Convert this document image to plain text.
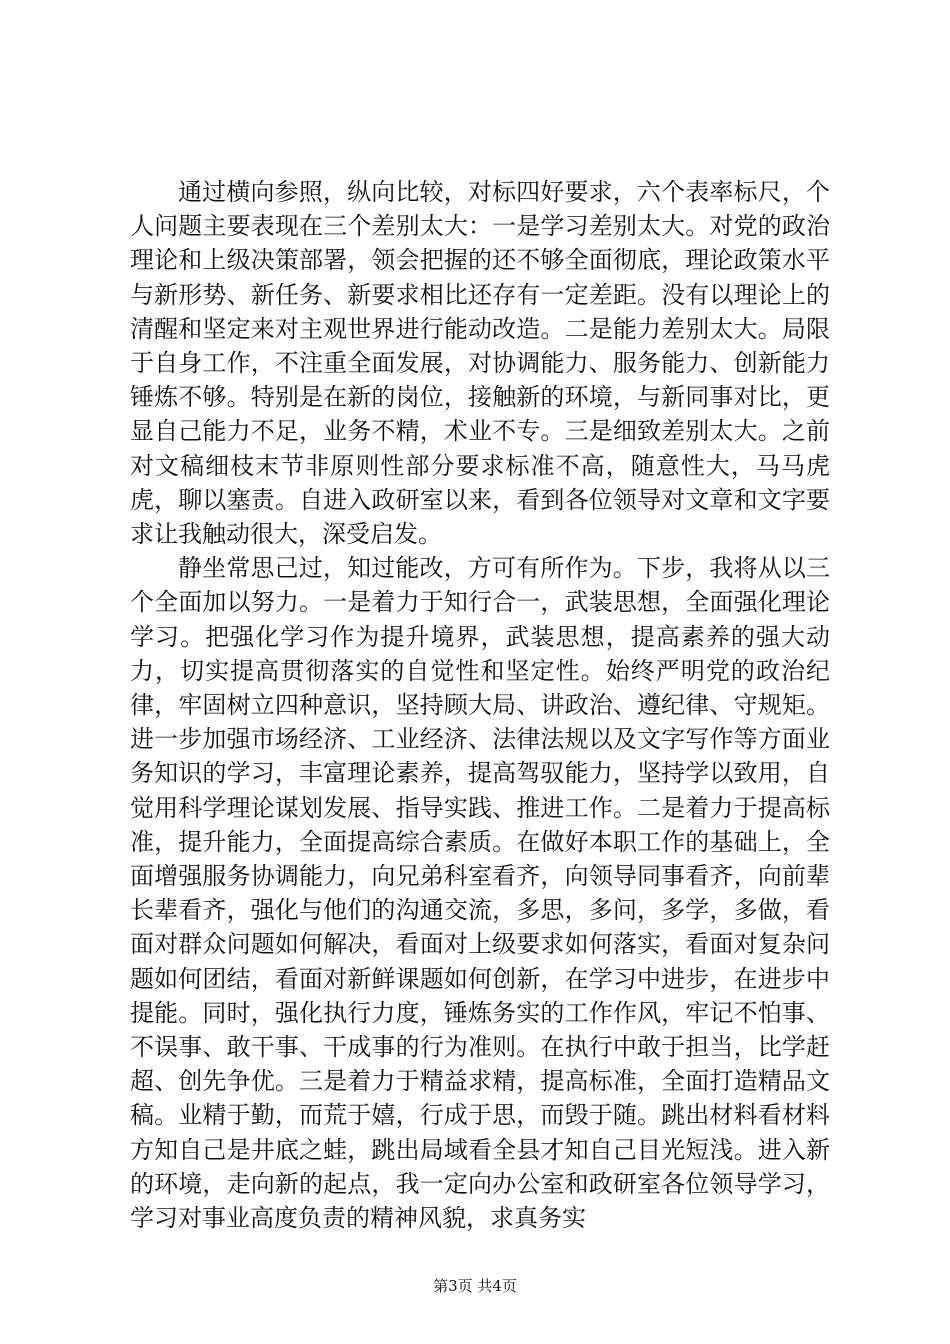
通过横向参照，纵向比较，对标四好要求，六个表率标尺，个人问题主要表现在三个差别太大：一是学习差别太大。对党的政治理论和上级决策部署，领会把握的还不够全面彻底，理论政策水平与新形势、新任务、新要求相比还存有一定差距。没有以理论上的清醒和坚定来对主观世界进行能动改造。二是能力差别太大。局限于自身工作，不注重全面发展，对协调能力、服务能力、创新能力锤炼不够。特别是在新的岗位，接触新的环境，与新同事对比，更显自己能力不足，业务不精，术业不专。三是细致差别太大。之前对文稿细枝末节非原则性部分要求标准不高，随意性大，马马虎虎，聊以塞责。自进入政研室以来，看到各位领导对文章和文字要求让我触动很大，深受启发。

静坐常思己过，知过能改，方可有所作为。下步，我将从以三个全面加以努力。一是着力于知行合一，武装思想，全面强化理论学习。把强化学习作为提升境界，武装思想，提高素养的强大动力，切实提高贯彻落实的自觉性和坚定性。始终严明党的政治纪律，牢固树立四种意识，坚持顾大局、讲政治、遵纪律、守规矩。进一步加强市场经济、工业经济、法律法规以及文字写作等方面业务知识的学习，丰富理论素养，提高驾驭能力，坚持学以致用，自觉用科学理论谋划发展、指导实践、推进工作。二是着力于提高标准，提升能力，全面提高综合素质。在做好本职工作的基础上，全面增强服务协调能力，向兄弟科室看齐，向领导同事看齐，向前辈长辈看齐，强化与他们的沟通交流，多思，多问，多学，多做，看面对群众问题如何解决，看面对上级要求如何落实，看面对复杂问题如何团结，看面对新鲜课题如何创新，在学习中进步，在进步中提能。同时，强化执行力度，锤炼务实的工作作风，牢记不怕事、不误事、敢干事、干成事的行为准则。在执行中敢于担当，比学赶超、创先争优。三是着力于精益求精，提高标准，全面打造精品文稿。业精于勤，而荒于嬉，行成于思，而毁于随。跳出材料看材料方知自己是井底之蛙，跳出局域看全县才知自己目光短浅。进入新的环境，走向新的起点，我一定向办公室和政研室各位领导学习，学习对事业高度负责的精神风貌，求真务实

第3页 共4页
